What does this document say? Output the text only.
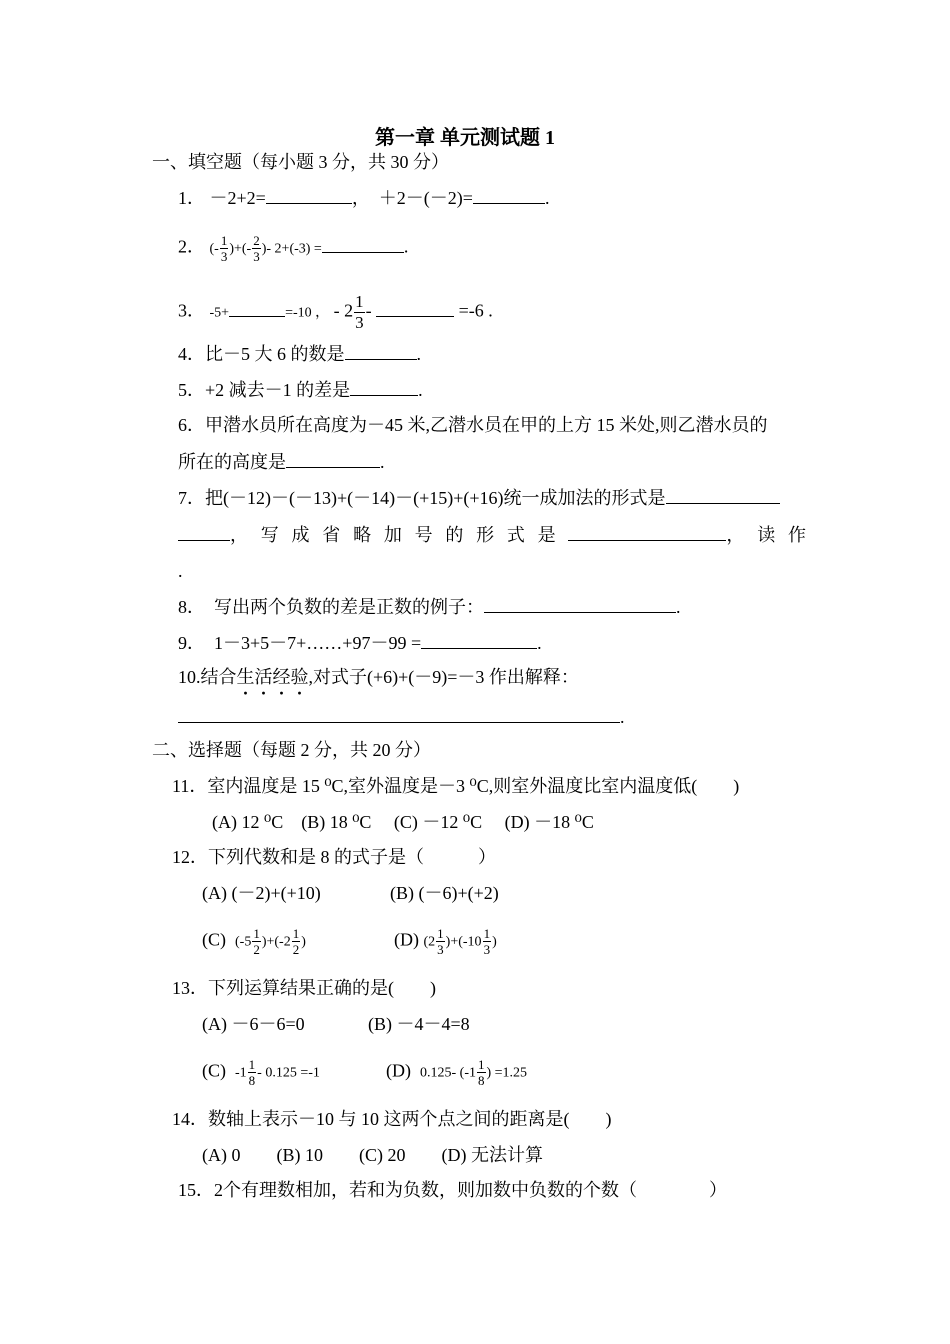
第一章 单元测试题 1
一、填空题（每小题 3 分，共 30 分）
1． －2+2=	，　＋2－(－2)=	.
2． (- $\frac{1}{3}$ )+(- $\frac{2}{3}$ )- 2+(-3) =	.
3． -5+	=-10 ， - $2 \frac{1}{3}$ -	=-6 .
4．比－5 大 6 的数是	.
5．+2 减去－1 的差是	.
6．甲潜水员所在高度为－45 米,乙潜水员在甲的上方 15 米处,则乙潜水员的
所在的高度是	.
7．把(－12)－(－13)+(－14)－(+15)+(+16)统一成加法的形式是
， 写 成 省 略 加 号 的 形 式 是	， 读 作
.
8．　写出两个负数的差是正数的例子：	.
9．　1－3+5－7+……+97－99 =	.
10.结合生活经验,对式子(+6)+(－9)=－3 作出解释：
.
二、选择题（每题 2 分，共 20 分）
11．室内温度是 15 ⁰C,室外温度是－3 ⁰C,则室外温度比室内温度低(　　)
(A) 12 ⁰C　(B) 18 ⁰C　 (C) －12 ⁰C　 (D) －18 ⁰C
12．下列代数和是 8 的式子是（　　　）
(A) (－2)+(+10)	(B) (－6)+(+2)
(C) $(-5 \frac{1}{2} )+(-2 \frac{1}{2}$ )	(D) $(2 \frac{1}{3} )+(-10 \frac{1}{3}$ )
13．下列运算结果正确的是(　　)
(A) －6－6=0	(B) －4－4=8
(C) $-1 \frac{1}{8} - 0.125 =-1$	(D) 0.125- ($-1 \frac{1}{8}$ ) =1.25
14．数轴上表示－10 与 10 这两个点之间的距离是(　　)
(A) 0　　(B) 10　　(C) 20　　(D) 无法计算
15．2个有理数相加，若和为负数，则加数中负数的个数（　　　　）
